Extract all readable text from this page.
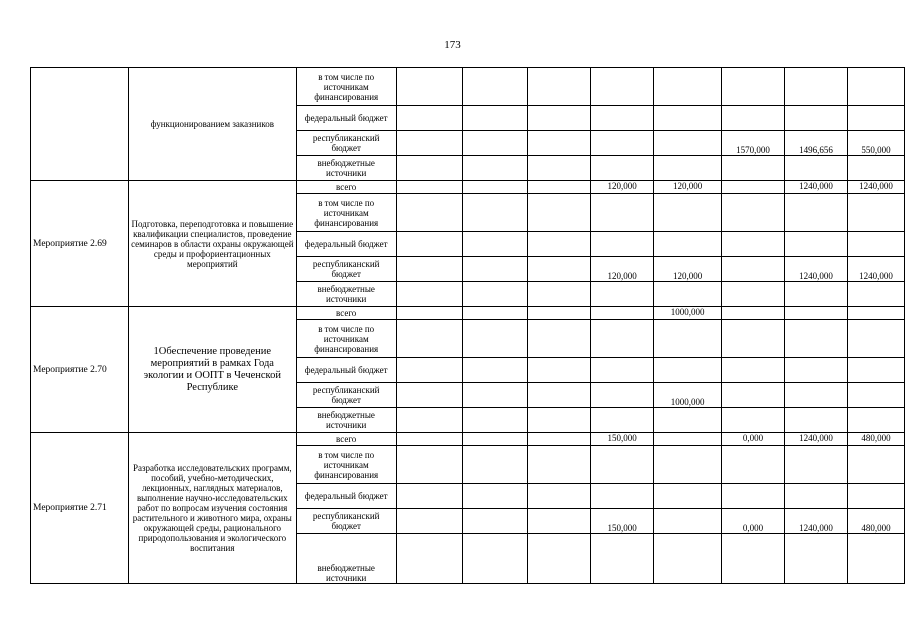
173
	функционированием заказников	в том числе по источникам финансирования								
		федеральный бюджет								
		республиканский бюджет						1570,000	1496,656	550,000
		внебюджетные источники								
Мероприятие 2.69	Подготовка, переподготовка и повышение квалификации специалистов, проведение семинаров в области охраны окружающей среды и профориентационных мероприятий	всего				120,000	120,000		1240,000	1240,000
		в том числе по источникам финансирования								
		федеральный бюджет								
		республиканский бюджет				120,000	120,000		1240,000	1240,000
		внебюджетные источники								
Мероприятие 2.70	1Обеспечение проведение мероприятий в рамках Года экологии и ООПТ в Чеченской Республике	всего					1000,000			
		в том числе по источникам финансирования								
		федеральный бюджет								
		республиканский бюджет					1000,000			
		внебюджетные источники								
Мероприятие 2.71	Разработка исследовательских программ, пособий, учебно-методических, лекционных, наглядных материалов, выполнение научно-исследовательских работ по вопросам изучения состояния растительного и животного мира, охраны окружающей среды, рационального природопользования и экологического воспитания	всего				150,000		0,000	1240,000	480,000
		в том числе по источникам финансирования								
		федеральный бюджет								
		республиканский бюджет				150,000		0,000	1240,000	480,000
		внебюджетные источники								
